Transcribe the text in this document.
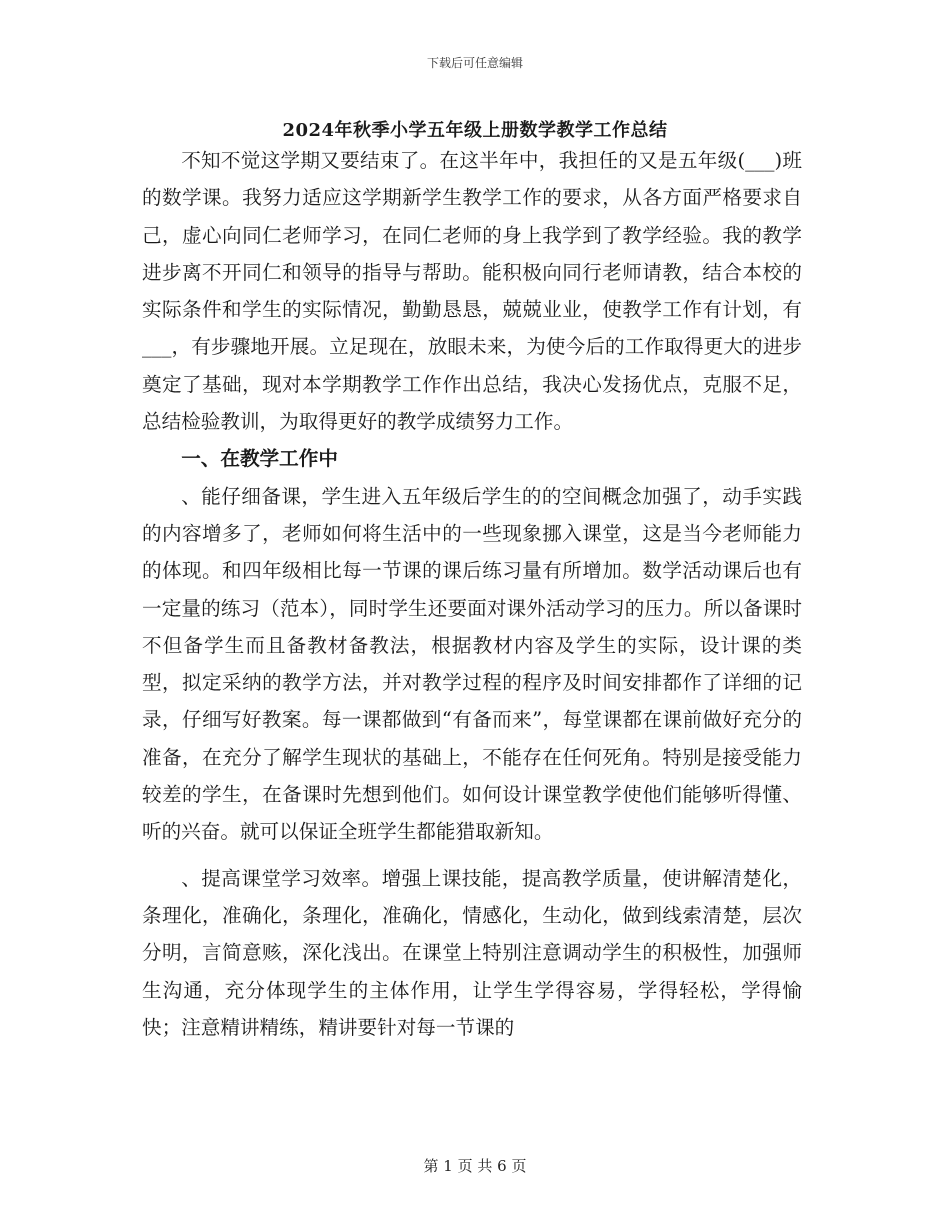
下载后可任意编辑
2024年秋季小学五年级上册数学教学工作总结

不知不觉这学期又要结束了。在这半年中，我担任的又是五年级(___)班的数学课。我努力适应这学期新学生教学工作的要求，从各方面严格要求自己，虚心向同仁老师学习，在同仁老师的身上我学到了教学经验。我的教学进步离不开同仁和领导的指导与帮助。能积极向同行老师请教，结合本校的实际条件和学生的实际情况，勤勤恳恳，兢兢业业，使教学工作有计划，有___，有步骤地开展。立足现在，放眼未来，为使今后的工作取得更大的进步奠定了基础，现对本学期教学工作作出总结，我决心发扬优点，克服不足，总结检验教训，为取得更好的教学成绩努力工作。

一、在教学工作中

、能仔细备课，学生进入五年级后学生的的空间概念加强了，动手实践的内容增多了，老师如何将生活中的一些现象挪入课堂，这是当今老师能力的体现。和四年级相比每一节课的课后练习量有所增加。数学活动课后也有一定量的练习（范本），同时学生还要面对课外活动学习的压力。所以备课时不但备学生而且备教材备教法，根据教材内容及学生的实际，设计课的类型，拟定采纳的教学方法，并对教学过程的程序及时间安排都作了详细的记录，仔细写好教案。每一课都做到“有备而来”，每堂课都在课前做好充分的准备，在充分了解学生现状的基础上，不能存在任何死角。特别是接受能力较差的学生，在备课时先想到他们。如何设计课堂教学使他们能够听得懂、听的兴奋。就可以保证全班学生都能猎取新知。

、提高课堂学习效率。增强上课技能，提高教学质量，使讲解清楚化，条理化，准确化，条理化，准确化，情感化，生动化，做到线索清楚，层次分明，言简意赅，深化浅出。在课堂上特别注意调动学生的积极性，加强师生沟通，充分体现学生的主体作用，让学生学得容易，学得轻松，学得愉快；注意精讲精练，精讲要针对每一节课的

第 1 页 共 6 页
